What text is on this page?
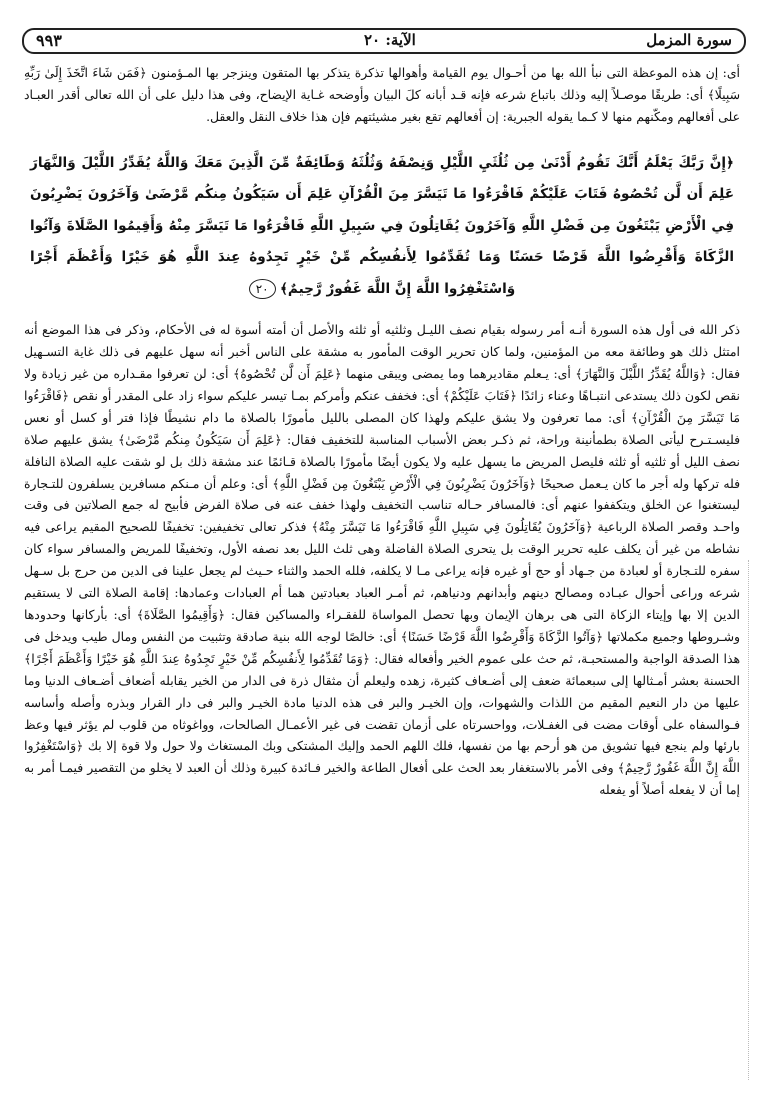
سورة المزمل
الآية: ٢٠
٩٩٣

أى: إن هذه الموعظة التى نبأ الله بها من أحـوال يوم القيامة وأهوالها تذكرة يتذكر بها المتقون وينزجر بها المـؤمنون ﴿فَمَن شَاءَ اتَّخَذَ إِلَىٰ رَبِّهِ سَبِيلًا﴾ أى: طريقًا موصـلاً إليه وذلك باتباع شرعه فإنه قـد أبانه كلَ البيان وأوضحه غـاية الإيضاح، وفى هذا دليل على أن الله تعالى أقدر العبـاد على أفعالهم ومكّنهم منها لا كـما يقوله الجبرية: إن أفعالهم تقع بغير مشيئتهم فإن هذا خلاف النقل والعقل.

﴿إِنَّ رَبَّكَ يَعْلَمُ أَنَّكَ تَقُومُ أَدْنَىٰ مِن ثُلُثَيِ اللَّيْلِ وَنِصْفَهُ وَثُلُثَهُ وَطَائِفَةٌ مِّنَ الَّذِينَ مَعَكَ وَاللَّهُ يُقَدِّرُ اللَّيْلَ وَالنَّهَارَ عَلِمَ أَن لَّن تُحْصُوهُ فَتَابَ عَلَيْكُمْ فَاقْرَءُوا مَا تَيَسَّرَ مِنَ الْقُرْآنِ عَلِمَ أَن سَيَكُونُ مِنكُم مَّرْضَىٰ وَآخَرُونَ يَضْرِبُونَ فِي الْأَرْضِ يَبْتَغُونَ مِن فَضْلِ اللَّهِ وَآخَرُونَ يُقَاتِلُونَ فِي سَبِيلِ اللَّهِ فَاقْرَءُوا مَا تَيَسَّرَ مِنْهُ وَأَقِيمُوا الصَّلَاةَ وَآتُوا الزَّكَاةَ وَأَقْرِضُوا اللَّهَ قَرْضًا حَسَنًا وَمَا تُقَدِّمُوا لِأَنفُسِكُم مِّنْ خَيْرٍ تَجِدُوهُ عِندَ اللَّهِ هُوَ خَيْرًا وَأَعْظَمَ أَجْرًا وَاسْتَغْفِرُوا اللَّهَ إِنَّ اللَّهَ غَفُورٌ رَّحِيمٌ﴾ ٢٠

ذكر الله فى أول هذه السورة أنـه أمر رسوله بقيام نصف الليـل وثلثيه أو ثلثه والأصل أن أمته أسوة له فى الأحكام، وذكر فى هذا الموضع أنه امتثل ذلك هو وطائفة معه من المؤمنين، ولما كان تحرير الوقت المأمور به مشقة على الناس أخبر أنه سهل عليهم فى ذلك غاية التسـهيل فقال: ﴿وَاللَّهُ يُقَدِّرُ اللَّيْلَ وَالنَّهَارَ﴾ أى: يـعلم مقاديرهما وما يمضى ويبقى منهما ﴿عَلِمَ أَن لَّن تُحْصُوهُ﴾ أى: لن تعرفوا مقـداره من غير زيادة ولا نقص لكون ذلك يستدعى انتبـاهًا وعناء زائدًا ﴿فَتَابَ عَلَيْكُمْ﴾ أى: فخفف عنكم وأمركم بمـا تيسر عليكم سواء زاد على المقدر أو نقص ﴿فَاقْرَءُوا مَا تَيَسَّرَ مِنَ الْقُرْآنِ﴾ أى: مما تعرفون ولا يشق عليكم ولهذا كان المصلى بالليل مأمورًا بالصلاة ما دام نشيطًا فإذا فتر أو كسل أو نعس فليسـتـرح ليأتى الصلاة بطمأنينة وراحة، ثم ذكـر بعض الأسباب المناسبة للتخفيف فقال: ﴿عَلِمَ أَن سَيَكُونُ مِنكُم مَّرْضَىٰ﴾ يشق عليهم صلاة نصف الليل أو ثلثيه أو ثلثه فليصل المريض ما يسهل عليه ولا يكون أيضًا مأمورًا بالصلاة قـائمًا عند مشقة ذلك بل لو شقت عليه الصلاة النافلة فله تركها وله أجر ما كان يـعمل صحيحًا ﴿وَآخَرُونَ يَضْرِبُونَ فِي الْأَرْضِ يَبْتَغُونَ مِن فَضْلِ اللَّهِ﴾ أى: وعلم أن مـنكم مسافرين يسلفرون للتـجارة ليستغنوا عن الخلق ويتكففوا عنهم أى: فالمسافر حـاله تناسب التخفيف ولهذا خفف عنه فى صلاة الفرض فأبيح له جمع الصلاتين فى وقت واحـد وقصر الصلاة الرباعية ﴿وَآخَرُونَ يُقَاتِلُونَ فِي سَبِيلِ اللَّهِ فَاقْرَءُوا مَا تَيَسَّرَ مِنْهُ﴾ فذكر تعالى تخفيفين: تخفيفًا للصحيح المقيم يراعى فيه نشاطه من غير أن يكلف عليه تحرير الوقت بل يتحرى الصلاة الفاضلة وهى ثلث الليل بعد نصفه الأول، وتخفيفًا للمريض والمسافر سواء كان سفره للتـجارة أو لعبادة من جـهاد أو حج أو غيره فإنه يراعى مـا لا يكلفه، فلله الحمد والثناء حـيث لم يجعل علينا فى الدين من حرج بل سـهل شرعه وراعى أحوال عبـاده ومصالح دينهم وأبدانهم ودنياهم، ثم أمـر العباد بعبادتين هما أم العبادات وعمادها: إقامة الصلاة التى لا يستقيم الدين إلا بها وإيتاء الزكاة التى هى برهان الإيمان وبها تحصل المواساة للفقـراء والمساكين فقال: ﴿وَأَقِيمُوا الصَّلَاةَ﴾ أى: بأركانها وحدودها وشـروطها وجميع مكملاتها ﴿وَآتُوا الزَّكَاةَ وَأَقْرِضُوا اللَّهَ قَرْضًا حَسَنًا﴾ أى: خالصًا لوجه الله بنية صادقة وتثبيت من النفس ومال طيب ويدخل فى هذا الصدقة الواجبة والمستحبـة، ثم حث على عموم الخير وأفعاله فقال: ﴿وَمَا تُقَدِّمُوا لِأَنفُسِكُم مِّنْ خَيْرٍ تَجِدُوهُ عِندَ اللَّهِ هُوَ خَيْرًا وَأَعْظَمَ أَجْرًا﴾ الحسنة بعشر أمـثالها إلى سبعمائة ضعف إلى أضـعاف كثيرة، زهده وليعلم أن مثقال ذرة فى الدار من الخير يقابله أضعاف أضـعاف الدنيا وما عليها من دار النعيم المقيم من اللذات والشهوات، وإن الخيـر والبر فى هذه الدنيا مادة الخيـر والبر فى دار القرار وبذره وأصله وأساسه فـوالسفاه على أوقات مضت فى الغفـلات، وواحسرتاه على أزمان تقضت فى غير الأعمـال الصالحات، وواغوثاه من قلوب لم يؤثر فيها وعظ بارئها ولم ينجع فيها تشويق من هو أرحم بها من نفسها، فلك اللهم الحمد وإليك المشتكى وبك المستغاث ولا حول ولا قوة إلا بك ﴿وَاسْتَغْفِرُوا اللَّهَ إِنَّ اللَّهَ غَفُورٌ رَّحِيمٌ﴾ وفى الأمر بالاستغفار بعد الحث على أفعال الطاعة والخير فـائدة كبيرة وذلك أن العبد لا يخلو من التقصير فيمـا أمر به إما أن لا يفعله أصلاً أو يفعله
